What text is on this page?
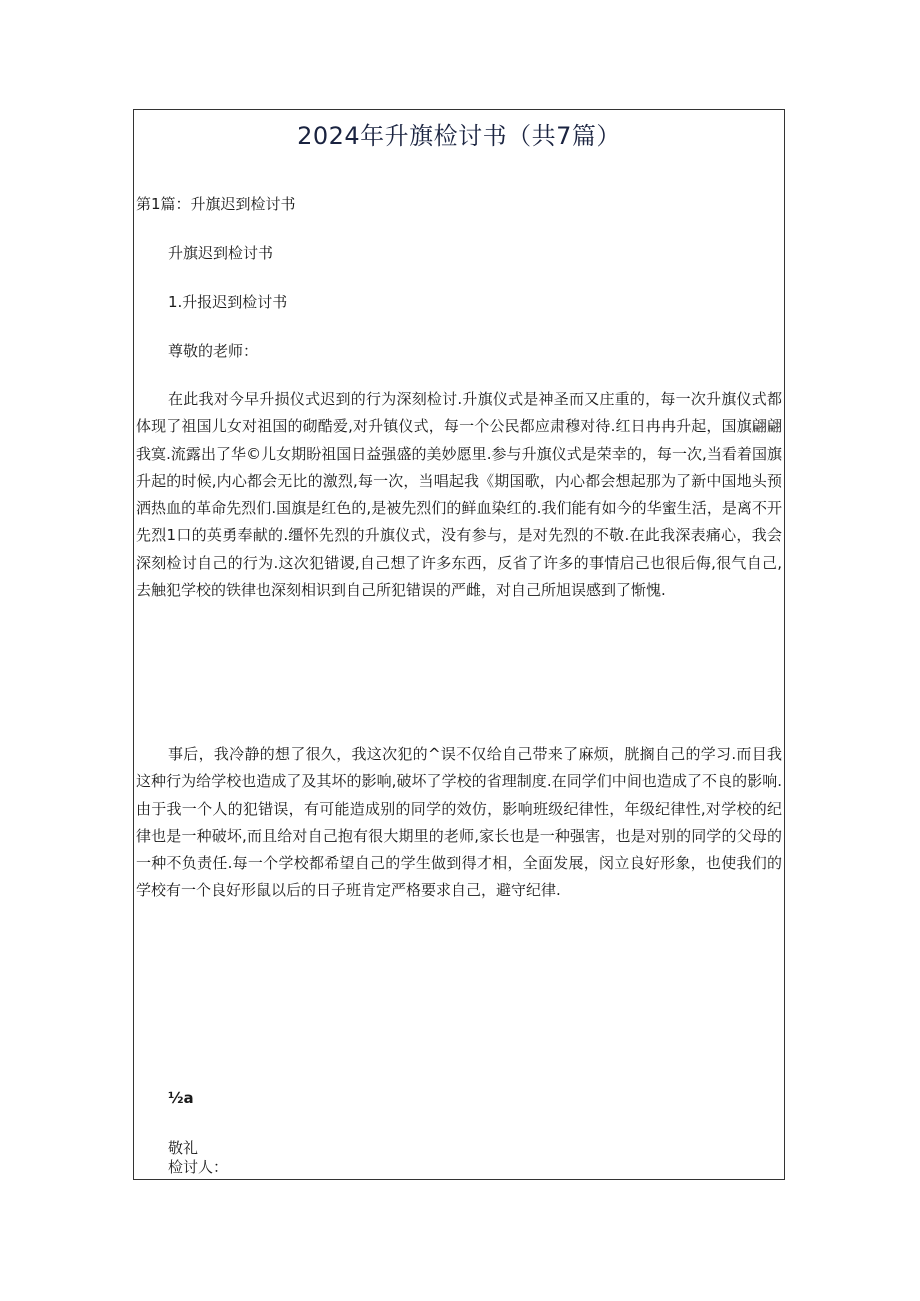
2024年升旗检讨书（共7篇）

第1篇：升旗迟到检讨书

升旗迟到检讨书

1.升报迟到检讨书

尊敬的老师：

在此我对今早升损仪式迟到的行为深刻检讨.升旗仪式是神圣而又庄重的，每一次升旗仪式都体现了祖国儿女对祖国的砌酷爱,对升镇仪式，每一个公民都应肃穆对待.红日冉冉升起，国旗翩翩我寞.流露出了华©儿女期盼祖国日益强盛的美妙愿里.参与升旗仪式是荣幸的，每一次,当看着国旗升起的时候,内心都会无比的激烈,每一次，当唱起我《期国歌，内心都会想起那为了新中国地头预洒热血的革命先烈们.国旗是红色的,是被先烈们的鲜血染红的.我们能有如今的华蜜生活，是离不开先烈1口的英勇奉献的.缰怀先烈的升旗仪式，没有参与，是对先烈的不敬.在此我深表痛心，我会深刻检讨自己的行为.这次犯错谡,自己想了许多东西，反省了许多的事情启己也很后侮,很气自己,去触犯学校的铁律也深刻相识到自己所犯错误的严雌，对自己所旭误感到了惭愧.

事后，我冷静的想了很久，我这次犯的^误不仅给自己带来了麻烦，胱搁自己的学习.而目我这种行为给学校也造成了及其坏的影响,破坏了学校的省理制度.在同学们中间也造成了不良的影响.由于我一个人的犯错误，有可能造成别的同学的效仿，影响班级纪律性，年级纪律性,对学校的纪律也是一种破坏,而且给对自己抱有很大期里的老师,家长也是一种强害，也是对别的同学的父母的一种不负责任.每一个学校都希望自己的学生做到得才相，全面发展，闵立良好形象，也使我们的学校有一个良好形鼠以后的日子班肯定严格要求自己，避守纪律.

½a

敬礼

检讨人：
